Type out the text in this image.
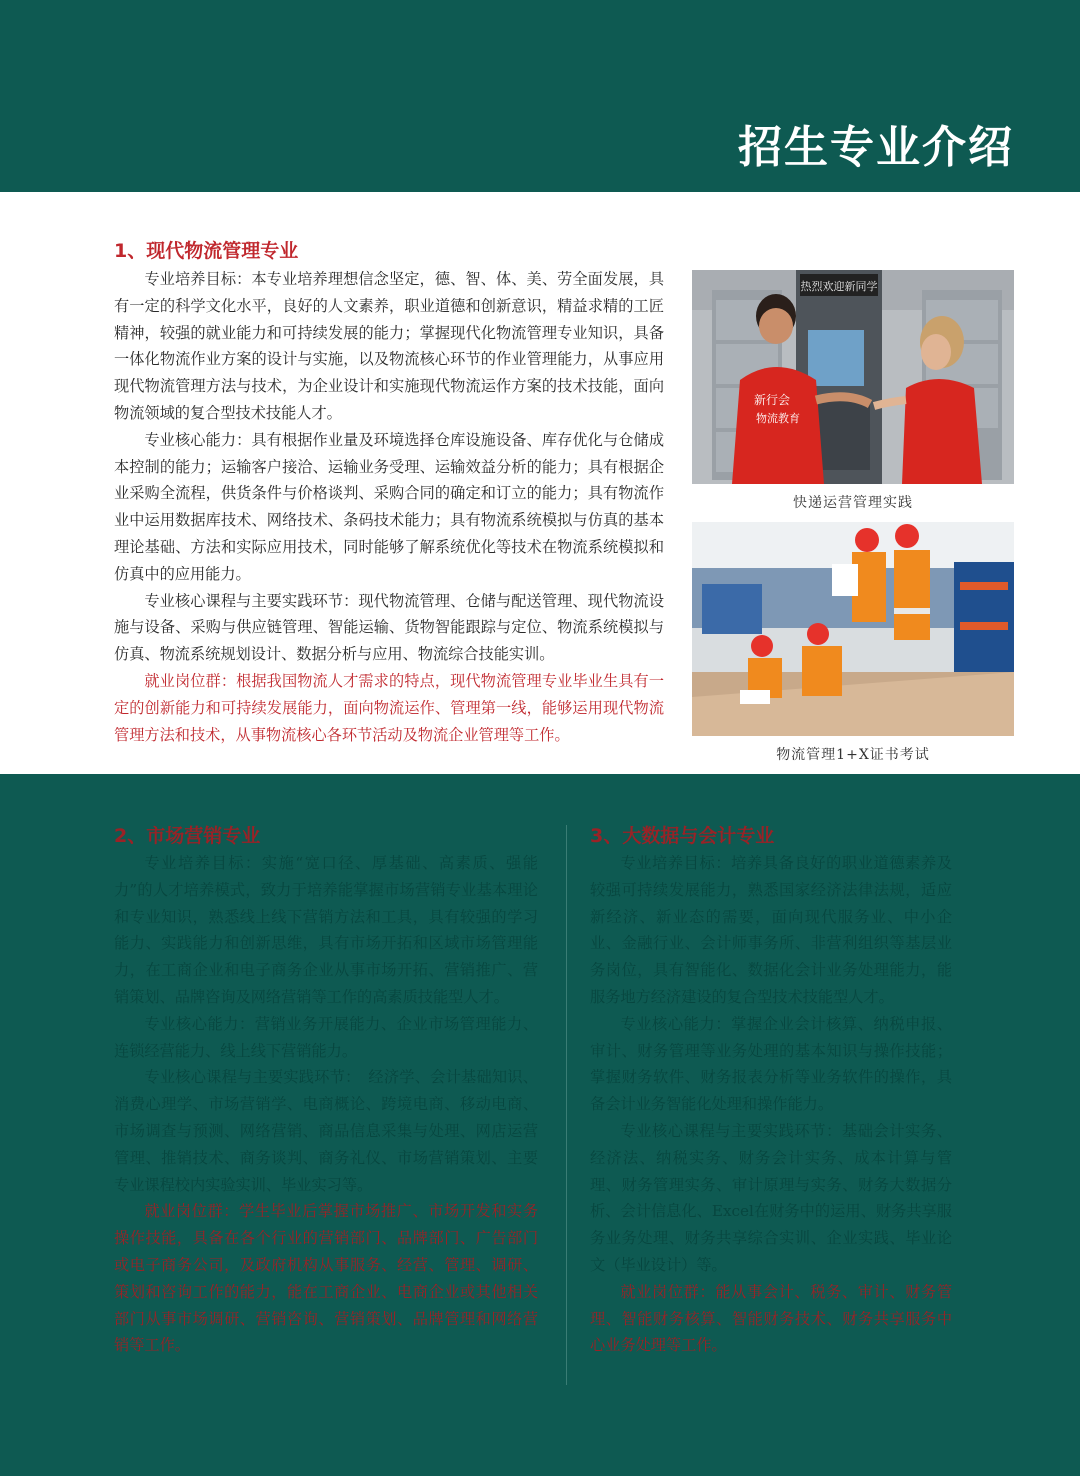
招生专业介绍
1、现代物流管理专业

专业培养目标：本专业培养理想信念坚定，德、智、体、美、劳全面发展，具有一定的科学文化水平，良好的人文素养，职业道德和创新意识，精益求精的工匠精神，较强的就业能力和可持续发展的能力；掌握现代化物流管理专业知识，具备一体化物流作业方案的设计与实施，以及物流核心环节的作业管理能力，从事应用现代物流管理方法与技术，为企业设计和实施现代物流运作方案的技术技能，面向物流领域的复合型技术技能人才。

专业核心能力：具有根据作业量及环境选择仓库设施设备、库存优化与仓储成本控制的能力；运输客户接洽、运输业务受理、运输效益分析的能力；具有根据企业采购全流程，供货条件与价格谈判、采购合同的确定和订立的能力；具有物流作业中运用数据库技术、网络技术、条码技术能力；具有物流系统模拟与仿真的基本理论基础、方法和实际应用技术，同时能够了解系统优化等技术在物流系统模拟和仿真中的应用能力。

专业核心课程与主要实践环节：现代物流管理、仓储与配送管理、现代物流设施与设备、采购与供应链管理、智能运输、货物智能跟踪与定位、物流系统模拟与仿真、物流系统规划设计、数据分析与应用、物流综合技能实训。

就业岗位群：根据我国物流人才需求的特点，现代物流管理专业毕业生具有一定的创新能力和可持续发展能力，面向物流运作、管理第一线，能够运用现代物流管理方法和技术，从事物流核心各环节活动及物流企业管理等工作。

热烈欢迎新同学
新行会
物流教育
快递运营管理实践
物流管理1+X证书考试
2、市场营销专业

专业培养目标：实施“宽口径、厚基础、高素质、强能力”的人才培养模式，致力于培养能掌握市场营销专业基本理论和专业知识，熟悉线上线下营销方法和工具，具有较强的学习能力、实践能力和创新思维，具有市场开拓和区域市场管理能力，在工商企业和电子商务企业从事市场开拓、营销推广、营销策划、品牌咨询及网络营销等工作的高素质技能型人才。

专业核心能力：营销业务开展能力、企业市场管理能力、连锁经营能力、线上线下营销能力。

专业核心课程与主要实践环节：　经济学、会计基础知识、消费心理学、市场营销学、电商概论、跨境电商、移动电商、市场调查与预测、网络营销、商品信息采集与处理、网店运营管理、推销技术、商务谈判、商务礼仪、市场营销策划、主要专业课程校内实验实训、毕业实习等。

就业岗位群：学生毕业后掌握市场推广、市场开发和实务操作技能，具备在各个行业的营销部门、品牌部门、广告部门或电子商务公司，及政府机构从事服务、经营、管理、调研、策划和咨询工作的能力，能在工商企业、电商企业或其他相关部门从事市场调研、营销咨询、营销策划、品牌管理和网络营销等工作。

3、大数据与会计专业

专业培养目标：培养具备良好的职业道德素养及较强可持续发展能力，熟悉国家经济法律法规，适应新经济、新业态的需要，面向现代服务业、中小企业、金融行业、会计师事务所、非营利组织等基层业务岗位，具有智能化、数据化会计业务处理能力，能服务地方经济建设的复合型技术技能型人才。

专业核心能力：掌握企业会计核算、纳税申报、审计、财务管理等业务处理的基本知识与操作技能；掌握财务软件、财务报表分析等业务软件的操作，具备会计业务智能化处理和操作能力。

专业核心课程与主要实践环节：基础会计实务、经济法、纳税实务、财务会计实务、成本计算与管理、财务管理实务、审计原理与实务、财务大数据分析、会计信息化、Excel在财务中的运用、财务共享服务业务处理、财务共享综合实训、企业实践、毕业论文（毕业设计）等。

就业岗位群：能从事会计、税务、审计、财务管理、智能财务核算、智能财务技术、财务共享服务中心业务处理等工作。
